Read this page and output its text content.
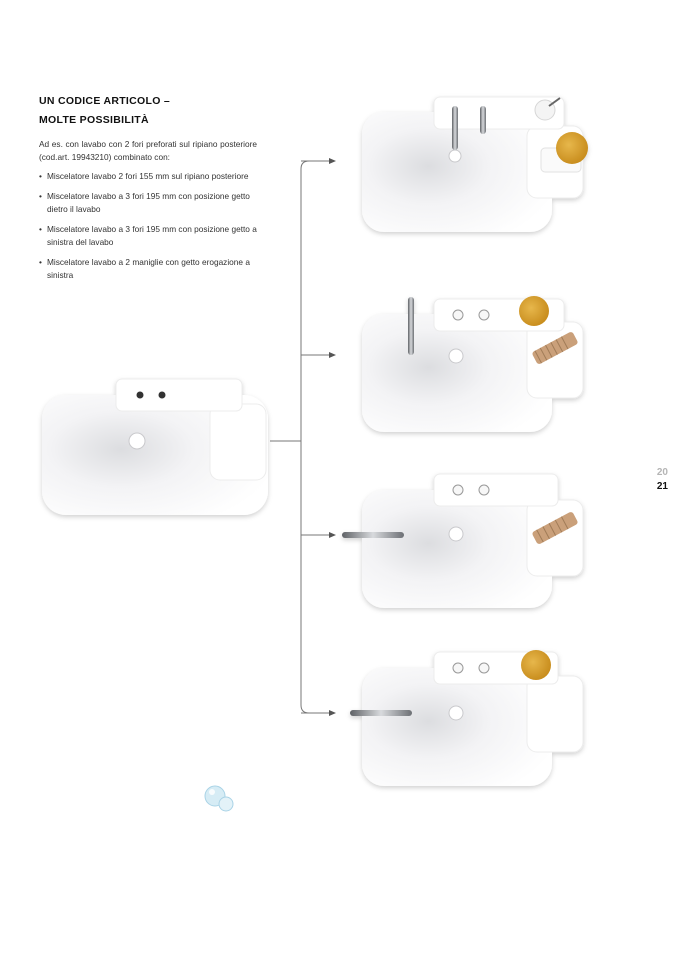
UN CODICE ARTICOLO –
MOLTE POSSIBILITÀ
Ad es. con lavabo con 2 fori preforati sul ripiano posteriore (cod.art. 19943210) combinato con:
• Miscelatore lavabo 2 fori 155 mm sul ripiano posteriore
• Miscelatore lavabo a 3 fori 195 mm con posizione getto dietro il lavabo
• Miscelatore lavabo a 3 fori 195 mm con posizione getto a sinistra del lavabo
• Miscelatore lavabo a 2 maniglie con getto erogazione a sinistra
20
21
